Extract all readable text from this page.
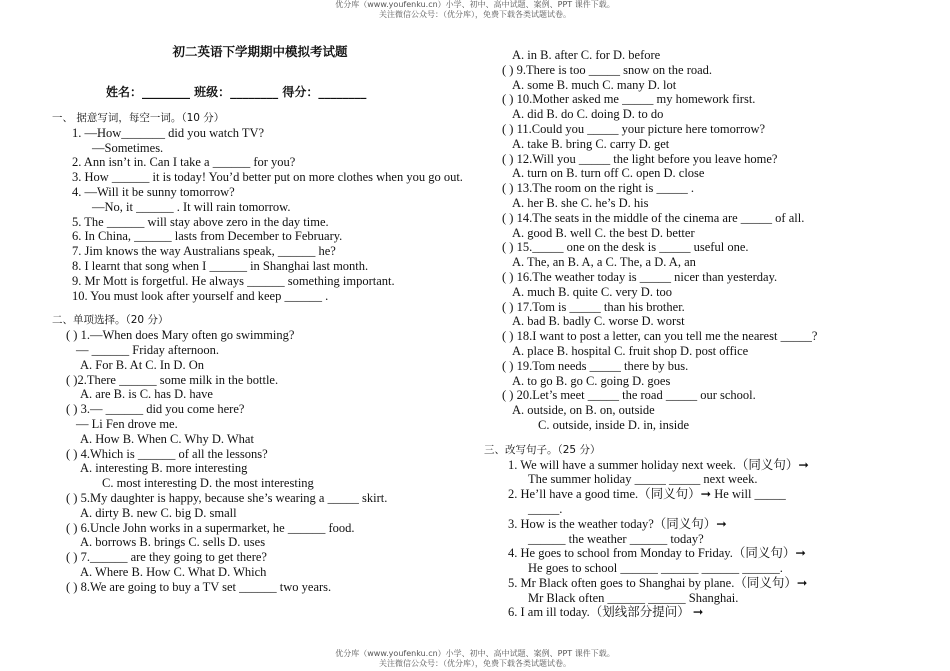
优分库（www.youfenku.cn）小学、初中、高中试题、案例、PPT 课件下载。
关注微信公众号：（优分库），免费下载各类试题试卷。
初二英语下学期期中模拟考试题
姓名：________ 班级：________ 得分：________
一、 据意写词，每空一词。（10 分）
1. —How_______ did you watch TV?
—Sometimes.
2. Ann isn’t in. Can I take a ______ for you?
3. How ______ it is today! You’d better put on more clothes when you go out.
4. —Will it be sunny tomorrow?
—No, it ______ . It will rain tomorrow.
5. The ______ will stay above zero in the day time.
6. In China, ______ lasts from December to February.
7. Jim knows the way Australians speak, ______ he?
8. I learnt that song when I ______ in Shanghai last month.
9. Mr Mott is forgetful. He always ______ something important.
10. You must look after yourself and keep ______ .
二、单项选择。（20 分）
( ) 1.—When does Mary often go swimming?
— ______ Friday afternoon.
A. For B. At C. In D. On
( )2.There ______ some milk in the bottle.
A. are B. is C. has D. have
( ) 3.— ______ did you come here?
— Li Fen drove me.
A. How B. When C. Why D. What
( ) 4.Which is ______ of all the lessons?
A. interesting B. more interesting
C. most interesting D. the most interesting
( ) 5.My daughter is happy, because she’s wearing a _____ skirt.
A. dirty B. new C. big D. small
( ) 6.Uncle John works in a supermarket, he ______ food.
A. borrows B. brings C. sells D. uses
( ) 7.______ are they going to get there?
A. Where B. How C. What D. Which
( ) 8.We are going to buy a TV set ______ two years.
A. in B. after C. for D. before
( ) 9.There is too _____ snow on the road.
A. some B. much C. many D. lot
( ) 10.Mother asked me _____ my homework first.
A. did B. do C. doing D. to do
( ) 11.Could you _____ your picture here tomorrow?
A. take B. bring C. carry D. get
( ) 12.Will you _____ the light before you leave home?
A. turn on B. turn off C. open D. close
( ) 13.The room on the right is _____ .
A. her B. she C. he’s D. his
( ) 14.The seats in the middle of the cinema are _____ of all.
A. good B. well C. the best D. better
( ) 15._____ one on the desk is _____ useful one.
A. The, an B. A, a C. The, a D. A, an
( ) 16.The weather today is _____ nicer than yesterday.
A. much B. quite C. very D. too
( ) 17.Tom is _____ than his brother.
A. bad B. badly C. worse D. worst
( ) 18.I want to post a letter, can you tell me the nearest _____?
A. place B. hospital C. fruit shop D. post office
( ) 19.Tom needs _____ there by bus.
A. to go B. go C. going D. goes
( ) 20.Let’s meet _____ the road _____ our school.
A. outside, on B. on, outside
C. outside, inside D. in, inside
三、改写句子。（25 分）
1. We will have a summer holiday next week.（同义句）➞
The summer holiday _____ _____ next week.
2. He’ll have a good time.（同义句）➞ He will _____
_____.
3. How is the weather today?（同义句）➞
______ the weather ______ today?
4. He goes to school from Monday to Friday.（同义句）➞
He goes to school ______ ______ ______ ______.
5. Mr Black often goes to Shanghai by plane.（同义句）➞
Mr Black often ______ ______ Shanghai.
6. I am ill today.（划线部分提问） ➞
优分库（www.youfenku.cn）小学、初中、高中试题、案例、PPT 课件下载。
关注微信公众号：（优分库），免费下载各类试题试卷。
